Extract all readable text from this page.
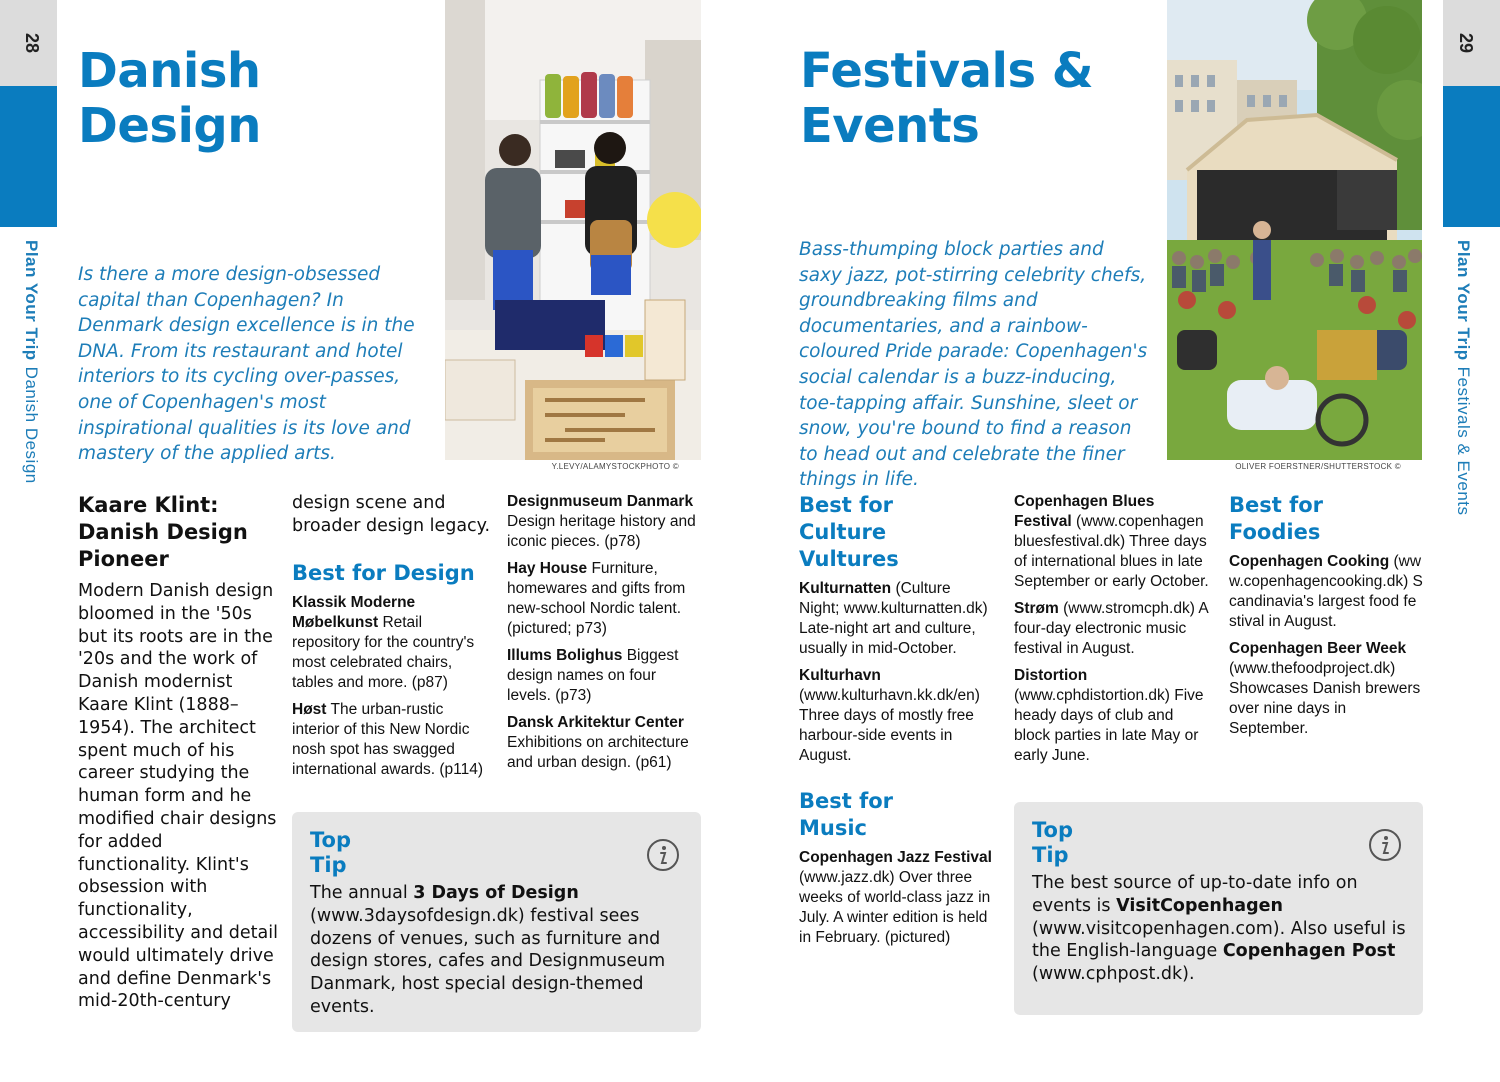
28
Plan Your TripDanish Design
Danish
Design

Is there a more design-obsessed capital than Copenhagen? In Denmark design excellence is in the DNA. From its restaurant and hotel interiors to its cycling over-passes, one of Copenhagen's most inspirational qualities is its love and mastery of the applied arts.

Y.LEVY/ALAMYSTOCKPHOTO ©
Kaare Klint: Danish Design Pioneer
Modern Danish design bloomed in the '50s but its roots are in the '20s and the work of Danish modernist Kaare Klint (1888–1954). The architect spent much of his career studying the human form and he modified chair designs for added functionality. Klint's obsession with functionality, accessibility and detail would ultimately drive and define Denmark's mid-20th-century
design scene and broader design legacy.
Best for Design
Klassik Moderne Møbelkunst Retail repository for the country's most celebrated chairs, tables and more. (p87)
Høst The urban-rustic interior of this New Nordic nosh spot has swagged international awards. (p114)
Designmuseum Danmark Design heritage history and iconic pieces. (p78)
Hay House Furniture, homewares and gifts from new-school Nordic talent. (pictured; p73)
Illums Bolighus Biggest design names on four levels. (p73)
Dansk Arkitektur Center Exhibitions on architecture and urban design. (p61)
Top
Tip
The annual 3 Days of Design (www.3daysofdesign.dk) festival sees dozens of venues, such as furniture and design stores, cafes and Designmuseum Danmark, host special design-themed events.
29
Plan Your TripFestivals & Events
Festivals &
Events

Bass-thumping block parties and saxy jazz, pot-stirring celebrity chefs, groundbreaking films and documentaries, and a rainbow-coloured Pride parade: Copenhagen's social calendar is a buzz-inducing, toe-tapping affair. Sunshine, sleet or snow, you're bound to find a reason to head out and celebrate the finer things in life.

OLIVER FOERSTNER/SHUTTERSTOCK ©
Best for Culture Vultures
Kulturnatten (Culture Night; www.kulturnatten.dk) Late-night art and culture, usually in mid-October.
Kulturhavn (www.kulturhavn.kk.dk/en) Three days of mostly free harbour-side events in August.
Best for Music
Copenhagen Jazz Festival (www.jazz.dk) Over three weeks of world-class jazz in July. A winter edition is held in February. (pictured)
Copenhagen Blues Festival (www.copenhagenbluesfestival.dk) Three days of international blues in late September or early October.
Strøm (www.stromcph.dk) A four-day electronic music festival in August.
Distortion (www.cphdistortion.dk) Five heady days of club and block parties in late May or early June.
Best for Foodies
Copenhagen Cooking (www.copenhagencooking.dk) Scandinavia's largest food festival in August.
Copenhagen Beer Week (www.thefoodproject.dk) Showcases Danish brewers over nine days in September.
Top
Tip
The best source of up-to-date info on events is VisitCopenhagen (www.visitcopenhagen.com). Also useful is the English-language Copenhagen Post (www.cphpost.dk).
